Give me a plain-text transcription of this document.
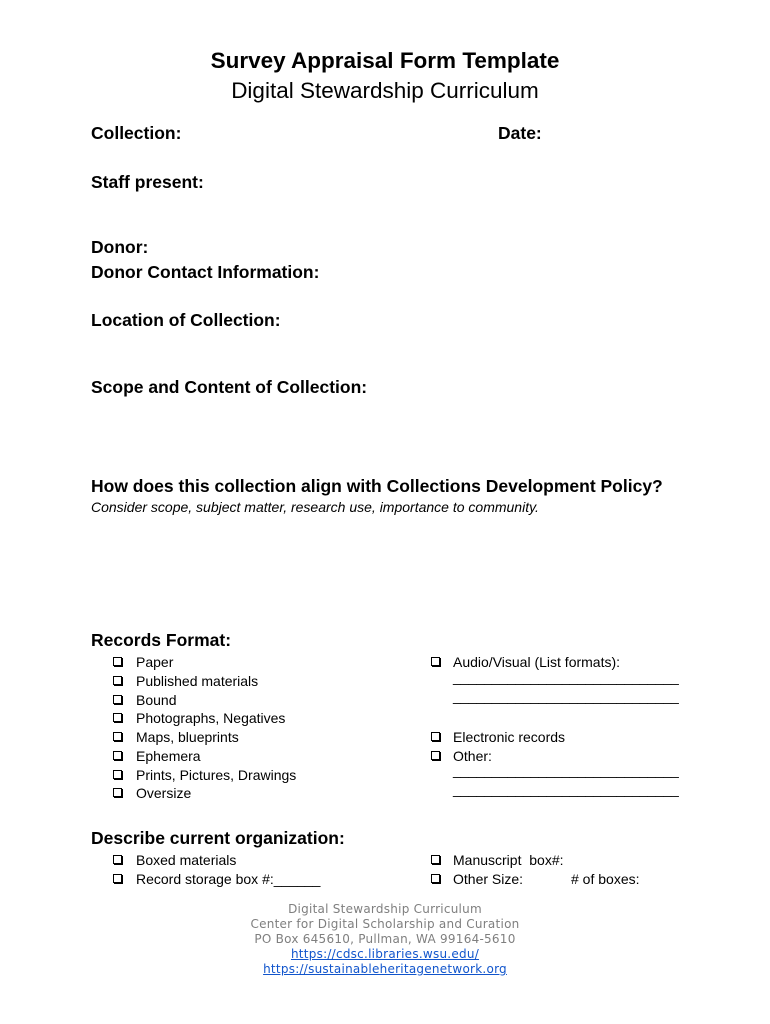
Survey Appraisal Form Template
Digital Stewardship Curriculum
Collection:	Date:
Staff present:
Donor:
Donor Contact Information:
Location of Collection:
Scope and Content of Collection:
How does this collection align with Collections Development Policy?
Consider scope, subject matter, research use, importance to community.
Records Format:
Paper
Published materials
Bound
Photographs, Negatives
Maps, blueprints
Ephemera
Prints, Pictures, Drawings
Oversize
Audio/Visual (List formats):
_____________________________
_____________________________
Electronic records
Other:
_____________________________
_____________________________
Describe current organization:
Boxed materials
Record storage box #:______
Manuscript  box#:
Other Size:	# of boxes:
Digital Stewardship Curriculum
Center for Digital Scholarship and Curation
PO Box 645610, Pullman, WA 99164-5610
https://cdsc.libraries.wsu.edu/
https://sustainableheritagenetwork.org
